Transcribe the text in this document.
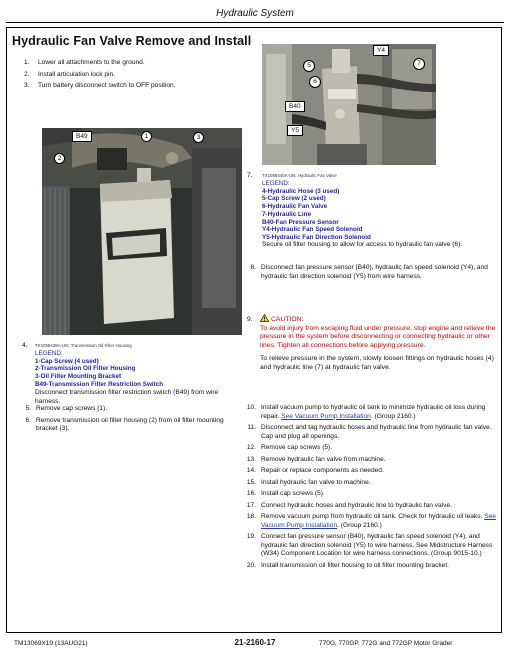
Hydraulic System
Hydraulic Fan Valve Remove and Install
1.	Lower all attachments to the ground.
2.	Install articulation lock pin.
3.	Turn battery disconnect switch to OFF position.
B49	1	3
2
4. TX1058439A-UN: Transmission Oil Filter Housing
LEGEND:
1-Cap Screw (4 used)
2-Transmission Oil Filter Housing
3-Oil Filter Mounting Bracket
B49-Transmission Filter Restriction Switch
Disconnect transmission filter restriction switch (B49) from wire harness.
5. Remove cap screws (1).
6. Remove transmission oil filter housing (2) from oil filter mounting bracket (3).
Y4
5	7
6
B40
Y5
7. TX1058440A-UN: Hydraulic Fan Valve
LEGEND:
4-Hydraulic Hose (3 used)
5-Cap Screw (2 used)
6-Hydraulic Fan Valve
7-Hydraulic Line
B40-Fan Pressure Sensor
Y4-Hydraulic Fan Speed Solenoid
Y5-Hydraulic Fan Direction Solenoid
Secure oil filter housing to allow for access to hydraulic fan valve (6).
8. Disconnect fan pressure sensor (B40), hydraulic fan speed solenoid (Y4), and hydraulic fan direction solenoid (Y5) from wire harness.
9.	CAUTION:
To avoid injury from escaping fluid under pressure, stop engine and relieve the pressure in the system before disconnecting or connecting hydraulic or other lines. Tighten all connections before applying pressure.
To relieve pressure in the system, slowly loosen fittings on hydraulic hoses (4) and hydraulic line (7) at hydraulic fan valve.
10. Install vacuum pump to hydraulic oil tank to minimize hydraulic oil loss during repair. See Vacuum Pump Installation. (Group 2160.)
11. Disconnect and tag hydraulic hoses and hydraulic line from hydraulic fan valve. Cap and plug all openings.
12. Remove cap screws (5).
13. Remove hydraulic fan valve from machine.
14. Repair or replace components as needed.
15. Install hydraulic fan valve to machine.
16. Install cap screws (5).
17. Connect hydraulic hoses and hydraulic line to hydraulic fan valve.
18. Remove vacuum pump from hydraulic oil tank. Check for hydraulic oil leaks. See Vacuum Pump Installation. (Group 2160.)
19. Connect fan pressure sensor (B40), hydraulic fan speed solenoid (Y4), and hydraulic fan direction solenoid (Y5) to wire harness. See Midstructure Harness (W34) Component Location for wire harness connections. (Group 9015-10.)
20. Install transmission oil filter housing to oil filter mounting bracket.
TM13069X19 (13AUG21)	21-2160-17	770G, 770GP, 772G and 772GP Motor Grader
